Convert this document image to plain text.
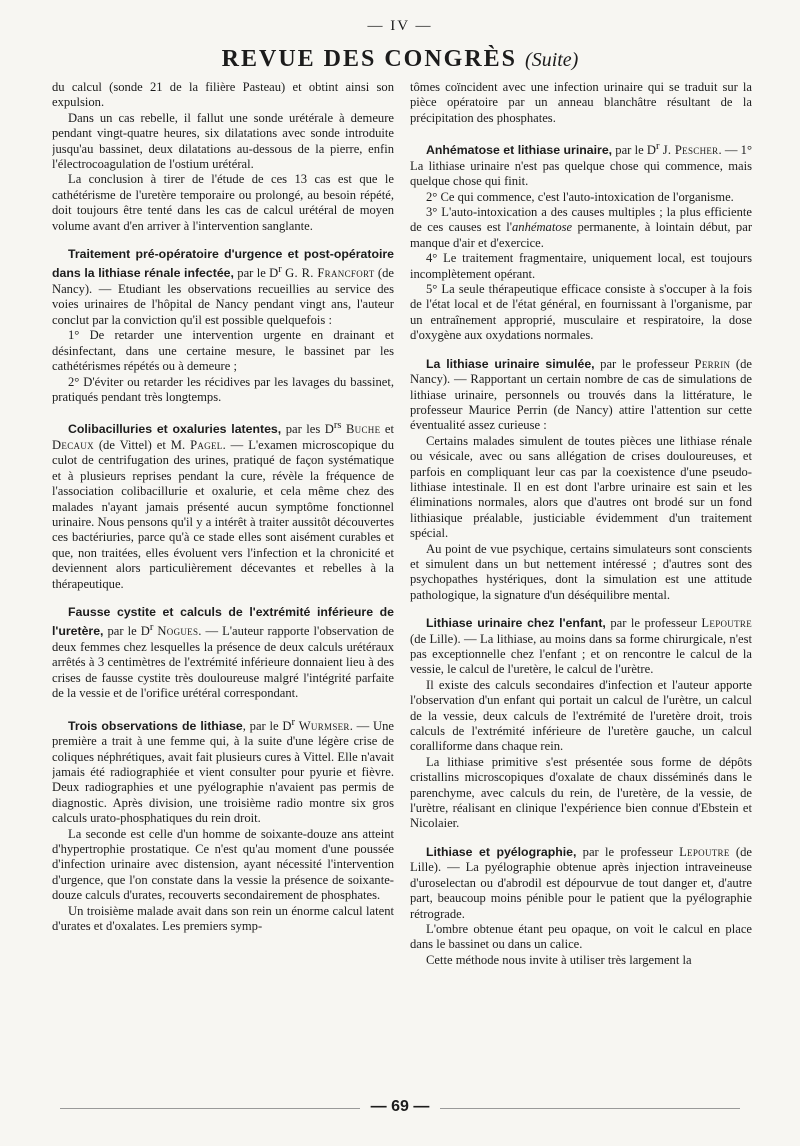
— IV —
REVUE DES CONGRÈS (Suite)

du calcul (sonde 21 de la filière Pasteau) et obtint ainsi son expulsion.

Dans un cas rebelle, il fallut une sonde urétérale à demeure pendant vingt-quatre heures, six dilatations avec sonde introduite jusqu'au bassinet, deux dilatations au-dessous de la pierre, enfin l'électrocoagulation de l'ostium urétéral.

La conclusion à tirer de l'étude de ces 13 cas est que le cathétérisme de l'uretère temporaire ou prolongé, au besoin répété, doit toujours être tenté dans les cas de calcul urétéral de moyen volume avant d'en arriver à l'intervention sanglante.

Traitement pré-opératoire d'urgence et post-opératoire dans la lithiase rénale infectée, par le $D^r$ G. R. Francfort (de Nancy). — Etudiant les observations recueillies au service des voies urinaires de l'hôpital de Nancy pendant vingt ans, l'auteur conclut par la conviction qu'il est possible quelquefois :

1° De retarder une intervention urgente en drainant et désinfectant, dans une certaine mesure, le bassinet par les cathétérismes répétés ou à demeure ;

2° D'éviter ou retarder les récidives par les lavages du bassinet, pratiqués pendant très longtemps.

Colibacilluries et oxaluries latentes, par les $D^{rs}$ Buche et Decaux (de Vittel) et M. Pagel. — L'examen microscopique du culot de centrifugation des urines, pratiqué de façon systématique et à plusieurs reprises pendant la cure, révèle la fréquence de l'association colibacillurie et oxalurie, et cela même chez des malades n'ayant jamais présenté aucun symptôme fonctionnel urinaire. Nous pensons qu'il y a intérêt à traiter aussitôt découvertes ces bactériuries, parce qu'à ce stade elles sont aisément curables et que, non traitées, elles évoluent vers l'infection et la chronicité et deviennent alors particulièrement décevantes et rebelles à la thérapeutique.

Fausse cystite et calculs de l'extrémité inférieure de l'uretère, par le $D^r$ Nogues. — L'auteur rapporte l'observation de deux femmes chez lesquelles la présence de deux calculs urétéraux arrêtés à 3 centimètres de l'extrémité inférieure donnaient lieu à des crises de fausse cystite très douloureuse malgré l'intégrité parfaite de la vessie et de l'orifice urétéral correspondant.

Trois observations de lithiase, par le $D^r$ Wurmser. — Une première a trait à une femme qui, à la suite d'une légère crise de coliques néphrétiques, avait fait plusieurs cures à Vittel. Elle n'avait jamais été radiographiée et vient consulter pour pyurie et fièvre. Deux radiographies et une pyélographie n'avaient pas permis de diagnostic. Après division, une troisième radio montre six gros calculs urato-phosphatiques du rein droit.

La seconde est celle d'un homme de soixante-douze ans atteint d'hypertrophie prostatique. Ce n'est qu'au moment d'une poussée d'infection urinaire avec distension, ayant nécessité l'intervention d'urgence, que l'on constate dans la vessie la présence de soixante-douze calculs d'urates, recouverts secondairement de phosphates.

Un troisième malade avait dans son rein un énorme calcul latent d'urates et d'oxalates. Les premiers symp-

tômes coïncident avec une infection urinaire qui se traduit sur la pièce opératoire par un anneau blanchâtre résultant de la précipitation des phosphates.

Anhématose et lithiase urinaire, par le $D^r$ J. Pescher. — 1° La lithiase urinaire n'est pas quelque chose qui commence, mais quelque chose qui finit.

2° Ce qui commence, c'est l'auto-intoxication de l'organisme.

3° L'auto-intoxication a des causes multiples ; la plus efficiente de ces causes est l'anhématose permanente, à lointain début, par manque d'air et d'exercice.

4° Le traitement fragmentaire, uniquement local, est toujours incomplètement opérant.

5° La seule thérapeutique efficace consiste à s'occuper à la fois de l'état local et de l'état général, en fournissant à l'organisme, par un entraînement approprié, musculaire et respiratoire, la dose d'oxygène aux oxydations normales.

La lithiase urinaire simulée, par le professeur Perrin (de Nancy). — Rapportant un certain nombre de cas de simulations de lithiase urinaire, personnels ou trouvés dans la littérature, le professeur Maurice Perrin (de Nancy) attire l'attention sur cette éventualité assez curieuse :

Certains malades simulent de toutes pièces une lithiase rénale ou vésicale, avec ou sans allégation de crises douloureuses, et parfois en compliquant leur cas par la coexistence d'une pseudo-lithiase intestinale. Il en est dont l'arbre urinaire est sain et les éliminations normales, alors que d'autres ont brodé sur un fond lithiasique préalable, justiciable évidemment d'un traitement spécial.

Au point de vue psychique, certains simulateurs sont conscients et simulent dans un but nettement intéressé ; d'autres sont des psychopathes hystériques, dont la simulation est une attitude pathologique, la signature d'un déséquilibre mental.

Lithiase urinaire chez l'enfant, par le professeur Lepoutre (de Lille). — La lithiase, au moins dans sa forme chirurgicale, n'est pas exceptionnelle chez l'enfant ; et on rencontre le calcul de la vessie, le calcul de l'uretère, le calcul de l'urètre.

Il existe des calculs secondaires d'infection et l'auteur apporte l'observation d'un enfant qui portait un calcul de l'urètre, un calcul de la vessie, deux calculs de l'extrémité de l'uretère droit, trois calculs de l'extrémité inférieure de l'uretère gauche, un calcul coralliforme dans chaque rein.

La lithiase primitive s'est présentée sous forme de dépôts cristallins microscopiques d'oxalate de chaux disséminés dans le parenchyme, avec calculs du rein, de l'uretère, de la vessie, de l'urètre, réalisant en clinique l'expérience bien connue d'Ebstein et Nicolaier.

Lithiase et pyélographie, par le professeur Lepoutre (de Lille). — La pyélographie obtenue après injection intraveineuse d'uroselectan ou d'abrodil est dépourvue de tout danger et, d'autre part, beaucoup moins pénible pour le patient que la pyélographie rétrograde.

L'ombre obtenue étant peu opaque, on voit le calcul en place dans le bassinet ou dans un calice.

Cette méthode nous invite à utiliser très largement la

— 69 —
